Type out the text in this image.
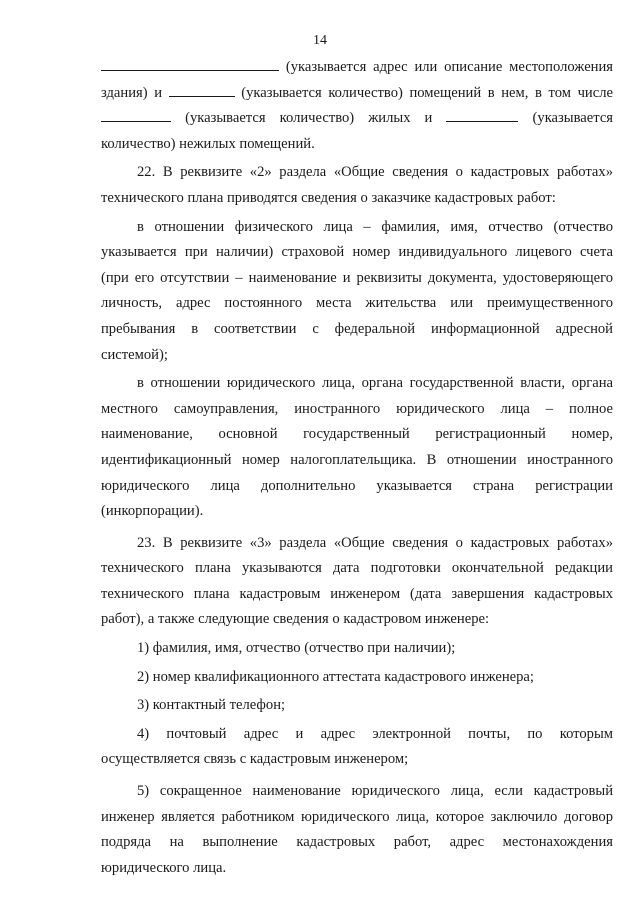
14
(указывается адрес или описание местоположения
здания) и	(указывается количество) помещений в нем, в том числе
(указывается количество) жилых и	(указывается
количество) нежилых помещений.
22. В реквизите «2» раздела «Общие сведения о кадастровых работах»
технического плана приводятся сведения о заказчике кадастровых работ:
в отношении физического лица – фамилия, имя, отчество (отчество
указывается при наличии) страховой номер индивидуального лицевого счета
(при его отсутствии – наименование и реквизиты документа, удостоверяющего
личность, адрес постоянного места жительства или преимущественного
пребывания в соответствии с федеральной информационной адресной
системой);
в отношении юридического лица, органа государственной власти, органа
местного самоуправления, иностранного юридического лица – полное
наименование, основной государственный регистрационный номер,
идентификационный номер налогоплательщика. В отношении иностранного
юридического лица дополнительно указывается страна регистрации
(инкорпорации).
23. В реквизите «3» раздела «Общие сведения о кадастровых работах»
технического плана указываются дата подготовки окончательной редакции
технического плана кадастровым инженером (дата завершения кадастровых
работ), а также следующие сведения о кадастровом инженере:
1) фамилия, имя, отчество (отчество при наличии);
2) номер квалификационного аттестата кадастрового инженера;
3) контактный телефон;
4) почтовый адрес и адрес электронной почты, по которым
осуществляется связь с кадастровым инженером;
5) сокращенное наименование юридического лица, если кадастровый
инженер является работником юридического лица, которое заключило договор
подряда на выполнение кадастровых работ, адрес местонахождения
юридического лица.
